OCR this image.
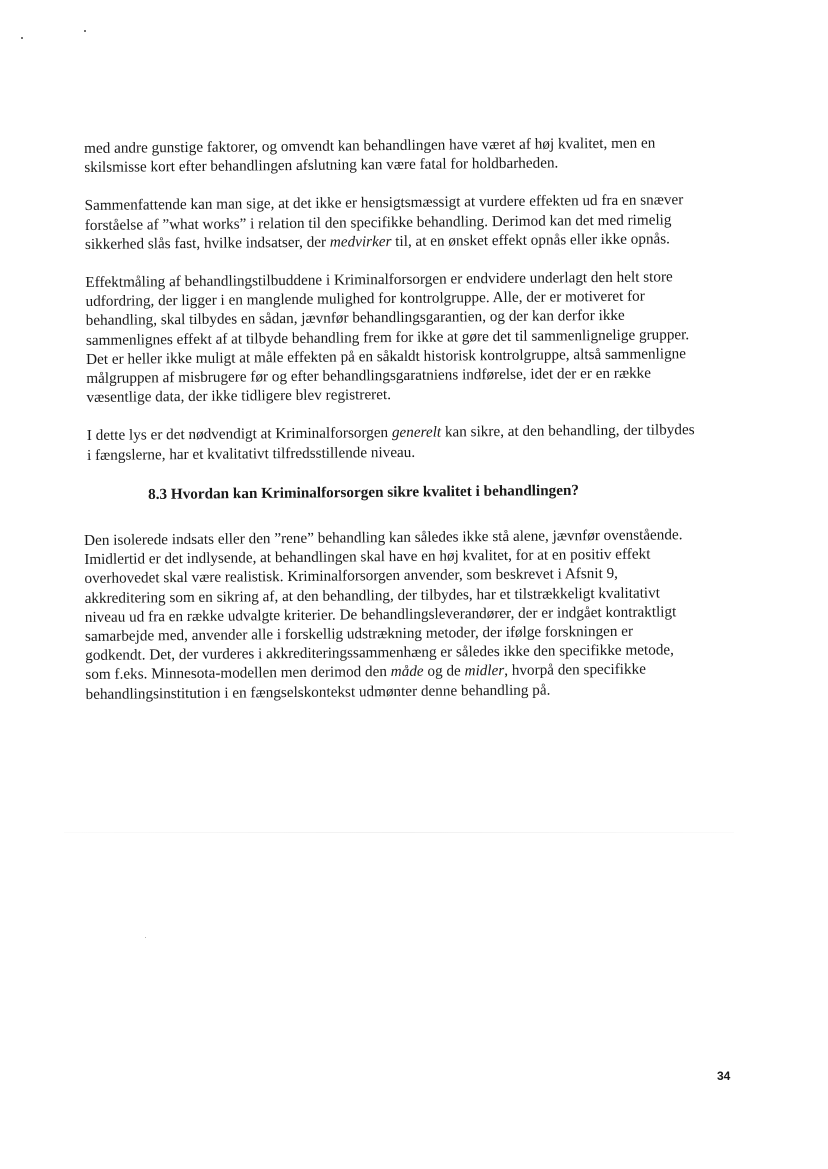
med andre gunstige faktorer, og omvendt kan behandlingen have været af høj kvalitet, men en
skilsmisse kort efter behandlingen afslutning kan være fatal for holdbarheden.

Sammenfattende kan man sige, at det ikke er hensigtsmæssigt at vurdere effekten ud fra en snæver
forståelse af ”what works” i relation til den specifikke behandling. Derimod kan det med rimelig
sikkerhed slås fast, hvilke indsatser, der medvirker til, at en ønsket effekt opnås eller ikke opnås.

Effektmåling af behandlingstilbuddene i Kriminalforsorgen er endvidere underlagt den helt store
udfordring, der ligger i en manglende mulighed for kontrolgruppe. Alle, der er motiveret for
behandling, skal tilbydes en sådan, jævnfør behandlingsgarantien, og der kan derfor ikke
sammenlignes effekt af at tilbyde behandling frem for ikke at gøre det til sammenlignelige grupper.
Det er heller ikke muligt at måle effekten på en såkaldt historisk kontrolgruppe, altså sammenligne
målgruppen af misbrugere før og efter behandlingsgaratniens indførelse, idet der er en række
væsentlige data, der ikke tidligere blev registreret.

I dette lys er det nødvendigt at Kriminalforsorgen generelt kan sikre, at den behandling, der tilbydes
i fængslerne, har et kvalitativt tilfredsstillende niveau.

8.3 Hvordan kan Kriminalforsorgen sikre kvalitet i behandlingen?

Den isolerede indsats eller den ”rene” behandling kan således ikke stå alene, jævnfør ovenstående.
Imidlertid er det indlysende, at behandlingen skal have en høj kvalitet, for at en positiv effekt
overhovedet skal være realistisk. Kriminalforsorgen anvender, som beskrevet i Afsnit 9,
akkreditering som en sikring af, at den behandling, der tilbydes, har et tilstrækkeligt kvalitativt
niveau ud fra en række udvalgte kriterier. De behandlingsleverandører, der er indgået kontraktligt
samarbejde med, anvender alle i forskellig udstrækning metoder, der ifølge forskningen er
godkendt. Det, der vurderes i akkrediteringssammenhæng er således ikke den specifikke metode,
som f.eks. Minnesota-modellen men derimod den måde og de midler, hvorpå den specifikke
behandlingsinstitution i en fængselskontekst udmønter denne behandling på.

34
